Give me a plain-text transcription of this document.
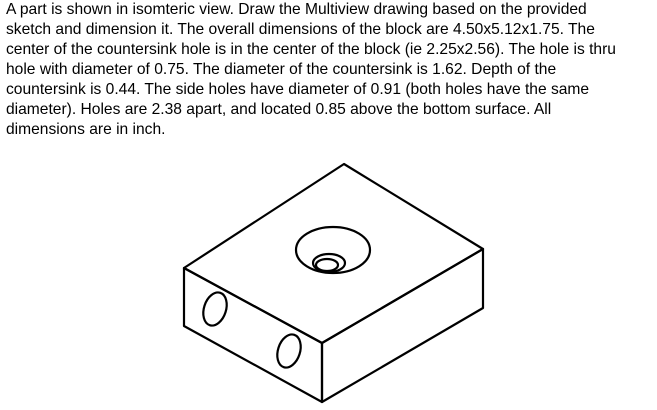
A part is shown in isomteric view. Draw the Multiview drawing based on the provided
sketch and dimension it. The overall dimensions of the block are 4.50x5.12x1.75. The
center of the countersink hole is in the center of the block (ie 2.25x2.56). The hole is thru
hole with diameter of 0.75. The diameter of the countersink is 1.62. Depth of the
countersink is 0.44. The side holes have diameter of 0.91 (both holes have the same
diameter). Holes are 2.38 apart, and located 0.85 above the bottom surface. All
dimensions are in inch.
